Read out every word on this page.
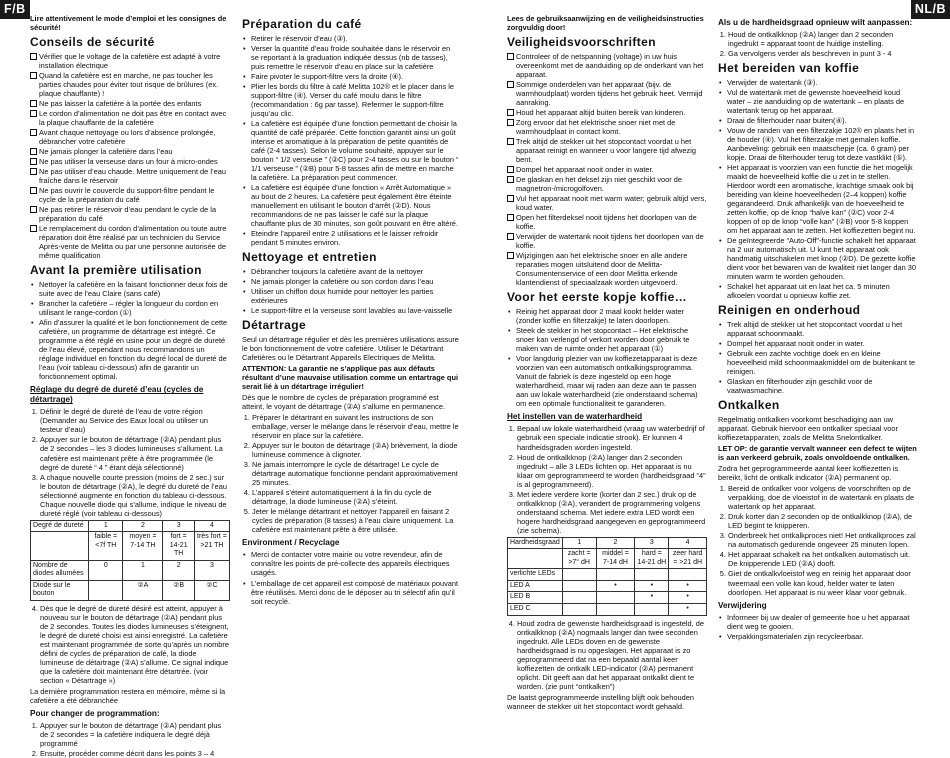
F/B	NL/B

Lire attentivement le mode d’emploi et les consignes de sécurité!

Conseils de sécurité
Vérifier que le voltage de la cafetière est adapté à votre installation électrique
Quand la cafetière est en marche, ne pas toucher les parties chaudes pour éviter tout risque de brûlures (ex. plaque chauffante) !
Ne pas laisser la cafetière à la portée des enfants
Le cordon d’alimentation ne doit pas être en contact avec la plaque chauffante de la cafetière
Avant chaque nettoyage ou lors d’absence prolongée, débrancher votre cafetière
Ne jamais plonger la cafetière dans l’eau
Ne pas utiliser la verseuse dans un four à micro-ondes
Ne pas utiliser d’eau chaude. Mettre uniquement de l’eau fraîche dans le réservoir
Ne pas ouvrir le couvercle du support-filtre pendant le cycle de la préparation du café
Ne pas retirer le réservoir d’eau pendant le cycle de la préparation du café
Le remplacement du cordon d’alimentation ou toute autre réparation doit être réalisé par un technicien du Service Après-vente de Melitta ou par une personne autorisée de même qualification
Avant la première utilisation
• Nettoyer la cafetière en la faisant fonctionner deux fois de suite avec de l’eau Claire (sans café)
• Brancher la cafetière – régler la longueur du cordon en utilisant le range-cordon (①)
• Afin d’assurer la qualité et le bon fonctionnement de cette cafetière, un programme de détartrage est intégré. Ce programme a été réglé en usine pour un degré de dureté de l’eau élevé, cependant nous recommandons un réglage individuel en fonction du degré local de dureté de l’eau (voir tableau ci-dessous) afin de garantir un fonctionnement optimal.
Réglage du degré de dureté d’eau (cycles de détartrage)
1. Définir le degré de dureté de l’eau de votre région (Demander au Service des Eaux local ou utiliser un testeur d’eau)
2. Appuyer sur le bouton de détartrage (②A) pendant plus de 2 secondes – les 3 diodes lumineuses s’allument. La cafetière est maintenant prête à être programmée (le degré de dureté “ 4 ” étant déjà sélectionné)
3. A chaque nouvelle courte pression (moins de 2 sec.) sur le bouton de détartrage (②A), le degré du dureté de l’eau sélectionné augmente en fonction du tableau ci-dessous. Chaque nouvelle diode qui s’allume, indique le niveau de dureté réglé (voir tableau ci-dessous)
Degré de dureté	1	2	3	4
	faible = <7f TH	moyen = 7-14 TH	fort = 14-21 TH	très fort = >21 TH
Nombre de diodes allumées	0	1	2	3
Diode sur le bouton		②A	②B	②C
4. Dès que le degré de dureté désiré est atteint, appuyer à nouveau sur le bouton de détartrage (②A) pendant plus de 2 secondes. Toutes les diodes lumineuses s’éteignent, le degré de dureté choisi est ainsi enregistré. La cafetière est maintenant programmée de sorte qu’après un nombre défini de cycles de préparation de café, la diode lumineuse de détartrage (②A) s’allume. Ce signal indique que la cafetière doit maintenant être détartrée. (voir section « Détartrage »)

La dernière programmation restera en mémoire, même si la cafetière a été débranchée

Pour changer de programmation:
1. Appuyer sur le bouton de détartrage (②A) pendant plus de 2 secondes = la cafetière indiquera le degré déjà programmé
2. Ensuite, procéder comme décrit dans les points 3 – 4
Préparation du café
• Retirer le réservoir d’eau (③).
• Verser la quantité d’eau froide souhaitée dans le réservoir en se reportant à la graduation indiquée dessus (nb de tasses), puis remettre le réservoir d’eau en place sur la cafetière
• Faire pivoter le support-filtre vers la droite (④).
• Plier les bords du filtre à café Melitta 102® et le placer dans le support-filtre (④). Verser du café moulu dans le filtre (recommandation : 6g par tasse). Refermer le support-filtre jusqu’au clic.
• La cafetière est équipée d’une fonction permettant de choisir la quantité de café préparée. Cette fonction garantit ainsi un goût intense et aromatique à la préparation de petite quantités de café (2-4 tasses). Selon le volume souhaité, appuyer sur le bouton “ 1/2 verseuse ” (②C) pour 2-4 tasses ou sur le bouton “ 1/1 verseuse ” (②B) pour 5-8 tasses afin de mettre en marche la cafetière. La préparation peut commencer.
• La cafetière est équipée d’une fonction « Arrêt Automatique » au bout de 2 heures. La cafetière peut également être éteinte manuellement en utilisant le bouton d’arrêt (②D). Nous recommandons de ne pas laisser le café sur la plaque chauffante plus de 30 minutes, son goût pouvant en être altéré.
• Eteindre l’appareil entre 2 utilisations et le laisser refroidir pendant 5 minutes environ.
Nettoyage et entretien
• Débrancher toujours la cafetière avant de la nettoyer
• Ne jamais plonger la cafetière ou son cordon dans l’eau
• Utiliser un chiffon doux humide pour nettoyer les parties extérieures
• Le support-filtre et la verseuse sont lavables au lave-vaisselle
Détartrage

Seul un détartrage régulier et dès les premières utilisations assure le bon fonctionnement de votre cafetière. Utiliser le Détartrant Cafetières ou le Détartrant Appareils Electriques de Melitta.

ATTENTION: La garantie ne s’applique pas aux défauts résultant d’une mauvaise utilisation comme un entartrage qui serait lié à un détartrage irrégulier!

Dès que le nombre de cycles de préparation programmé est atteint, le voyant de détartrage (②A) s’allume en permanence.

1. Préparer le détartrant en suivant les instructions de son emballage, verser le mélange dans le réservoir d’eau, mettre le réservoir en place sur la cafetière.
2. Appuyer sur le bouton de détartrage (②A) brièvement, la diode lumineuse commence à clignoter.
3. Ne jamais interrompre le cycle de détartrage! Le cycle de détartrage automatique fonctionne pendant approximativement 25 minutes.
4. L’appareil s’éteint automatiquement à la fin du cycle de détartrage, la diode lumineuse (②A) s’éteint.
5. Jeter le mélange détartrant et nettoyer l’appareil en faisant 2 cycles de préparation (8 tasses) à l’eau claire uniquement. La cafetière est maintenant prête à être utilisée.
Environment / Recyclage
• Merci de contacter votre mairie ou votre revendeur, afin de connaître les points de pré-collecte des appareils électriques usagés.
• L’emballage de cet appareil est composé de matériaux pouvant être réutilisés. Merci donc de le déposer au tri sélectif afin qu’il soit recyclé.

Lees de gebruiksaanwijzing en de veiligheidsinstructies zorgvuldig door!

Veiligheidsvoorschriften
Controleer of de netspanning (voltage) in uw huis overeenkomt met de aanduiding op de onderkant van het apparaat.
Sommige onderdelen van het apparaat (bijv. de warmhoudplaat) worden tijdens het gebruik heet. Vermijd aanraking.
Houd het apparaat altijd buiten bereik van kinderen.
Zorg ervoor dat het elektrische snoer niet met de warmhoudplaat in contact komt.
Trek altijd de stekker uit het stopcontact voordat u het apparaat reinigt en wanneer u voor langere tijd afwezig bent.
Dompel het apparaat nooit onder in water.
De glaskan en het deksel zijn niet geschikt voor de magnetron-/microgolfoven.
Vul het apparaat nooit met warm water; gebruik altijd vers, koud water.
Open het filterdeksel nooit tijdens het doorlopen van de koffie.
Verwijder de watertank nooit tijdens het doorlopen van de koffie.
Wijzigingen aan het elektrische snoer en alle andere reparaties mogen uitsluitend door de Melitta-Consumentenservice of een door Melitta erkende klantendienst of speciaalzaak worden uitgevoerd.
Voor het eerste kopje koffie…
• Reinig het apparaat door 2 maal kookt helder water (zonder koffie en filterzakje) te laten doorlopen.
• Steek de stekker in het stopcontact – Het elektrische snoer kan verlengd of verkort worden door gebruik te maken van de ruimte onder het apparaat (①)
• Voor langdurig plezier van uw koffiezetapparaat is deze voorzien van een automatisch ontkalkingsprogramma. Vanuit de fabriek is deze ingesteld op een hoge waterhardheid, maar wij raden aan deze aan te passen aan uw lokale waterhardheid (zie onderstaand schema) om een optimale functionaliteit te garanderen.
Het instellen van de waterhardheid
1. Bepaal uw lokale waterhardheid (vraag uw waterbedrijf of gebruik een speciale indicatie strook). Er kunnen 4 hardheidsgraden worden ingesteld.
2. Houd de ontkalkknop (②A) langer dan 2 seconden ingedrukt – alle 3 LEDs lichten op. Het apparaat is nu klaar om geprogrammeerd te worden (hardheidsgraad “4” is al geprogrammeerd).
3. Met iedere verdere korte (korter dan 2 sec.) druk op de ontkalkknop (②A), verandert de programmering volgens onderstaand schema. Met iedere extra LED wordt een hogere hardheidsgraad aangegeven en geprogrammeerd (zie schema).
Hardheidsgraad	1	2	3	4
	zacht = >7° dH	middel = 7-14 dH	hard = 14-21 dH	zeer hard = >21 dH
verlichte LEDs				
LED A		•	•	•
LED B			•	•
LED C				•
4. Houd zodra de gewenste hardheidsgraad is ingesteld, de ontkalkknop (②A) nogmaals langer dan twee seconden ingedrukt. Alle LEDs doven en de gewenste hardheidsgraad is nu opgeslagen. Het apparaat is zo geprogrammeerd dat na een bepaald aantal keer koffiezetten de ontkalk LED-indicator (②A) permanent oplicht. Dit geeft aan dat het apparaat ontkalkt dient te worden. (zie punt “ontkalken”)

De laatst geprogrammeerde instelling blijft ook behouden wanneer de stekker uit het stopcontact wordt gehaald.

Als u de hardheidsgraad opnieuw wilt aanpassen:
1. Houd de ontkalkknop (②A) langer dan 2 seconden ingedrukt = apparaat toont de huidige instelling.
2. Ga vervolgens verder als beschreven in punt 3 - 4
Het bereiden van koffie
• Verwijder de watertank (③).
• Vul de watertank met de gewenste hoeveelheid koud water – zie aanduiding op de watertank – en plaats de watertank terug op het apparaat.
• Draai de filterhouder naar buiten(④).
• Vouw de randen van een filterzakje 102® en plaats het in de houder (④). Vul het filterzakje met gemalen koffie. Aanbeveling: gebruik een maatschepje (ca. 6 gram) per kopje. Draai de filterhouder terug tot deze vastklikt (⑤).
• Het apparaat is voorzien van een functie die het mogelijk maakt de hoeveelheid koffie die u zet in te stellen. Hierdoor wordt een aromatische, krachtige smaak ook bij bereiding van kleine hoeveelheden (2–4 koppen) koffie gegarandeerd. Druk afhankelijk van de hoeveelheid te zetten koffie, op de knop “halve kan” (②C) voor 2-4 koppen of op de knop “volle kan” (②B) voor 5-8 koppen om het apparaat aan te zetten. Het koffiezetten begint nu.
• De geïntegreerde “Auto-Off”-functie schakelt het apparaat na 2 uur automatisch uit. U kunt het apparaat ook handmatig uitschakelen met knop (②D). De gezette koffie dient voor het bewaren van de kwaliteit niet langer dan 30 minuten warm te worden gehouden.
• Schakel het apparaat uit en laat het ca. 5 minuten afkoelen voordat u opnieuw koffie zet.
Reinigen en onderhoud
• Trek altijd de stekker uit het stopcontact voordat u het apparaat schoonmaakt.
• Dompel het apparaat nooit onder in water.
• Gebruik een zachte vochtige doek en en kleine hoeveelheid mild schoonmaakmiddel om de buitenkant te reinigen.
• Glaskan en filterhouder zijn geschikt voor de vaatwasmachine.
Ontkalken

Regelmatig ontkalken voorkomt beschadiging aan uw apparaat. Gebruik hiervoor een ontkalker speciaal voor koffiezetapparaten, zoals de Melitta Snelontkalker.

LET OP: de garantie vervalt wanneer een defect te wijten is aan verkeerd gebruik, zoals onvoldoende ontkalken.

Zodra het geprogrammeerde aantal keer koffiezetten is bereikt, licht de ontkalk indicator (②A) permanent op.

1. Bereid de ontkalker voor volgens de voorschriften op de verpakking, doe de vloeistof in de watertank en plaats de watertank op het apparaat.
2. Druk korter dan 2 seconden op de ontkalkknop (②A), de LED begint te knipperen.
3. Onderbreek het ontkalkproces niet! Het ontkalkproces zal na automatisch gedurende ongeveer 25 minuten lopen.
4. Het apparaat schakelt na het ontkalken automatisch uit. De knipperende LED (②A) dooft.
5. Giet de ontkalkvloeistof weg en reinig het apparaat door tweemaal een volle kan koud, helder water te laten doorlopen. Het apparaat is nu weer klaar voor gebruik.
Verwijdering
• Informeer bij uw dealer of gemeente hoe u het apparaat dient weg te gooien.
• Verpakkingsmaterialen zijn recycleerbaar.
